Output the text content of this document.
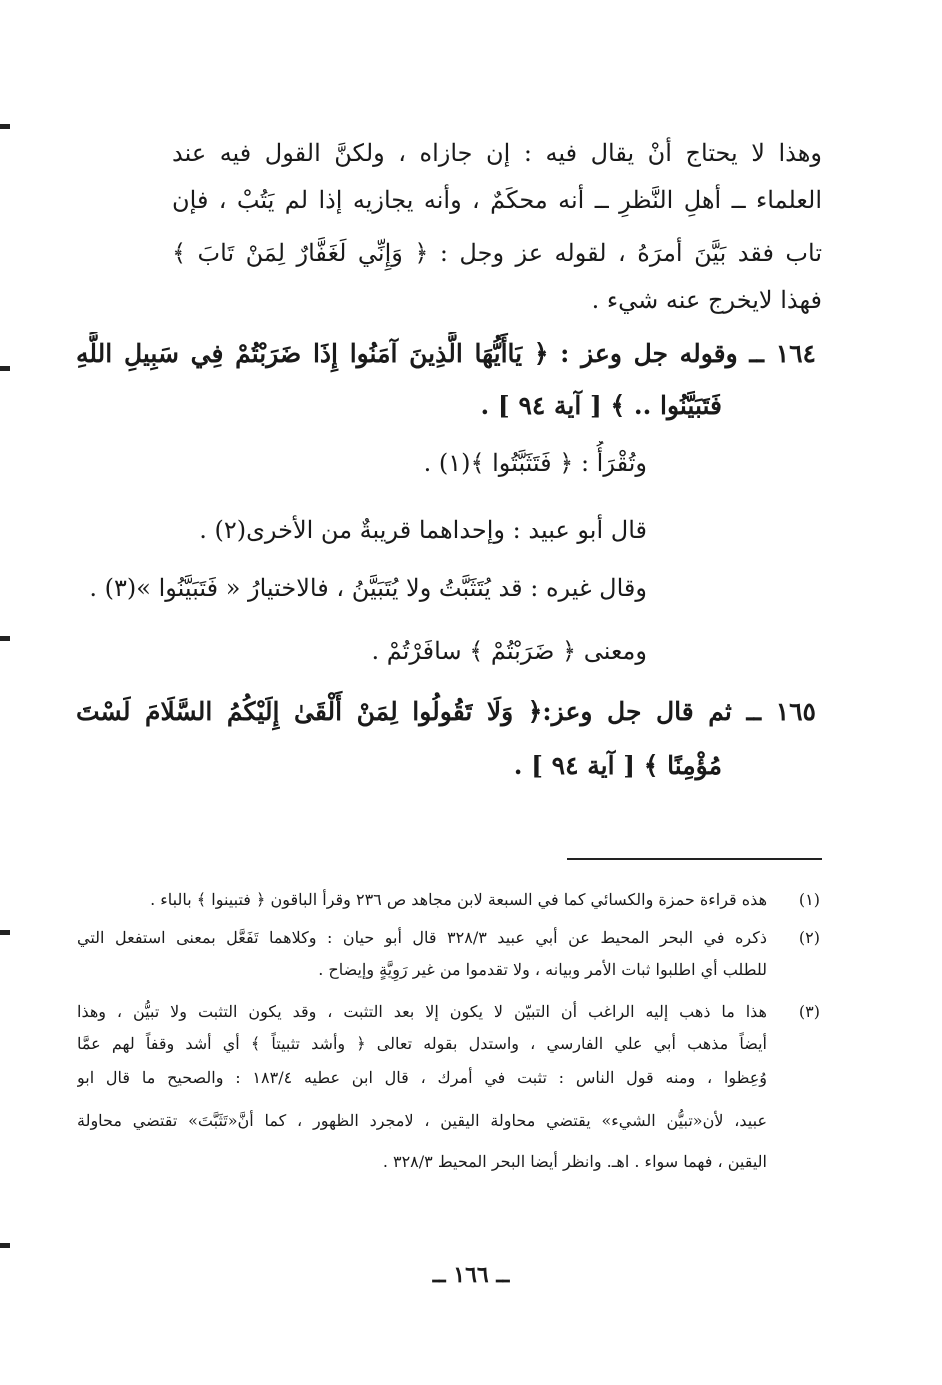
وهذا لا يحتاج أنْ يقال فيه : إن جازاه ، ولكنَّ القول فيه عند
العلماء ــ أهلِ النَّظرِ ــ أنه محكَمٌ ، وأنه يجازيه إذا لم يَتُبْ ، فإن
تاب فقد بَيَّنَ أمرَهُ ، لقوله عز وجل : ﴿ وَإِنِّي لَغَفَّارٌ لِمَنْ تَابَ ﴾
فهذا لايخرج عنه شيء .
١٦٤ ــ وقوله جل وعز : ﴿ يَاأَيُّهَا الَّذِينَ آمَنُوا إِذَا ضَرَبْتُمْ فِي سَبِيلِ اللَّهِ
فَتَبَيَّنُوا .. ﴾ [ آية ٩٤ ] .
وتُقْرَأُ : ﴿ فَتَثَبَّتُوا ﴾(١) .
قال أبو عبيد : وإحداهما قريبةٌ من الأخرى(٢) .
وقال غيره : قد يُتَثَبَّتُ ولا يُتَبَيَّنُ ، فالاختيارُ « فَتَبَيَّنُوا »(٣) .
ومعنى ﴿ ضَرَبْتُمْ ﴾ سافَرْتُمْ .
١٦٥ ــ ثم قال جل وعز:﴿ وَلَا تَقُولُوا لِمَنْ أَلْقَىٰ إِلَيْكُمُ السَّلَامَ لَسْتَ
مُؤْمِنًا ﴾ [ آية ٩٤ ] .
(١)
هذه قراءة حمزة والكسائي كما في السبعة لابن مجاهد ص ٢٣٦ وقرأ الباقون ﴿ فتبينوا ﴾ بالباء .
(٢)
ذكره في البحر المحيط عن أبي عبيد ٣٢٨/٣ قال أبو حيان : وكلاهما تَفَعَّل بمعنى استفعل التي
للطلب أي اطلبوا ثبات الأمر وبيانه ، ولا تقدموا من غير رَوِيَّةٍ وإيضاح .
(٣)
هذا ما ذهب إليه الراغب أن التبيّن لا يكون إلا بعد التثبت ، وقد يكون التثبت ولا تبيُّن ، وهذا
أيضاً مذهب أبي علي الفارسي ، واستدل بقوله تعالى ﴿ وأشد تثبيتاً ﴾ أي أشد وقفاً لهم عمَّا
وُعِظوا ، ومنه قول الناس : تثبت في أمرك ، قال ابن عطيه ١٨٣/٤ : والصحيح ما قال ابو
عبيد، لأن«تبيُّن الشيء» يقتضي محاولة اليقين ، لامجرد الظهور ، كما أنَّ«تَثَبَّتَ» تقتضي محاولة
اليقين ، فهما سواء . اهـ. وانظر أيضا البحر المحيط ٣٢٨/٣ .
ــ ١٦٦ ــ
